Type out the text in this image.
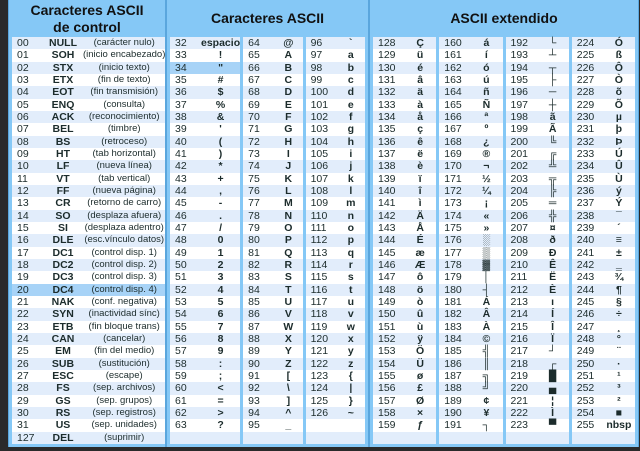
Caracteres ASCII
de control
00	NULL	(carácter nulo)
01	SOH (inicio encabezado)
02	STX	(inicio texto)
03	ETX	(fin de texto)
04	EOT	(fin transmisión)
05	ENQ	(consulta)
06	ACK	(reconocimiento)
07	BEL	(timbre)
08	BS	(retroceso)
09	HT	(tab horizontal)
10	LF	(nueva línea)
11	VT	(tab vertical)
12	FF	(nueva página)
13	CR	(retorno de carro)
14	SO	(desplaza afuera)
15	SI	(desplaza adentro)
16	DLE	(esc.vínculo datos)
17	DC1	(control disp. 1)
18	DC2	(control disp. 2)
19	DC3	(control disp. 3)
20	DC4	(control disp. 4)
21	NAK	(conf. negativa)
22	SYN	(inactividad sínc)
23	ETB	(fin bloque trans)
24	CAN	(cancelar)
25	EM	(fin del medio)
26	SUB	(sustitución)
27	ESC	(escape)
28	FS	(sep. archivos)
29	GS	(sep. grupos)
30	RS	(sep. registros)
31	US	(sep. unidades)
127	DEL	(suprimir)
Caracteres ASCII
32	espacio
33	!
34	"
35	#
36	$
37	%
38	&
39	'
40	(
41	)
42	*
43	+
44	,
45	-
46	.
47	/
48	0
49	1
50	2
51	3
52	4
53	5
54	6
55	7
56	8
57	9
58	:
59	;
60	<
61	=
62	>
63	?
64	@
65	A
66	B
67	C
68	D
69	E
70	F
71	G
72	H
73	I
74	J
75	K
76	L
77	M
78	N
79	O
80	P
81	Q
82	R
83	S
84	T
85	U
86	V
87	W
88	X
89	Y
90	Z
91	[
92	\
93	]
94	^
95	_
96	`
97	a
98	b
99	c
100	d
101	e
102	f
103	g
104	h
105	i
106	j
107	k
108	l
109	m
110	n
111	o
112	p
113	q
114	r
115	s
116	t
117	u
118	v
119	w
120	x
121	y
122	z
123	{
124	|
125	}
126	~
ASCII extendido
128	Ç
129	ü
130	é
131	â
132	ä
133	à
134	å
135	ç
136	ê
137	ë
138	è
139	ï
140	î
141	ì
142	Ä
143	Å
144	É
145	æ
146	Æ
147	ô
148	ö
149	ò
150	û
151	ù
152	ÿ
153	Ö
154	Ü
155	ø
156	£
157	Ø
158	×
159	ƒ
160	á
161	í
162	ó
163	ú
164	ñ
165	Ñ
166	ª
167	º
168	¿
169	®
170	¬
171	½
172	¼
173	¡
174	«
175	»
176	░
177	▒
178	▓
179	│
180	┤
181	Á
182	Â
183	À
184	©
185	╣
186	║
187	╗
188	╝
189	¢
190	¥
191	┐
192	└
193	┴
194	┬
195	├
196	─
197	┼
198	ã
199	Ã
200	╚
201	╔
202	╩
203	╦
204	╠
205	═
206	╬
207	¤
208	ð
209	Ð
210	Ê
211	Ë
212	È
213	ı
214	Í
215	Î
216	Ï
217	┘
218	┌
219	█
220	▄
221	¦
222	Ì
223	▀
224	Ó
225	ß
226	Ô
227	Ò
228	õ
229	Õ
230	µ
231	þ
232	Þ
233	Ú
234	Û
235	Ù
236	ý
237	Ý
238	¯
239	´
240	≡
241	±
242	‗
243	¾
244	¶
245	§
246	÷
247	¸
248	°
249	¨
250	·
251	¹
252	³
253	²
254	■
255	nbsp
